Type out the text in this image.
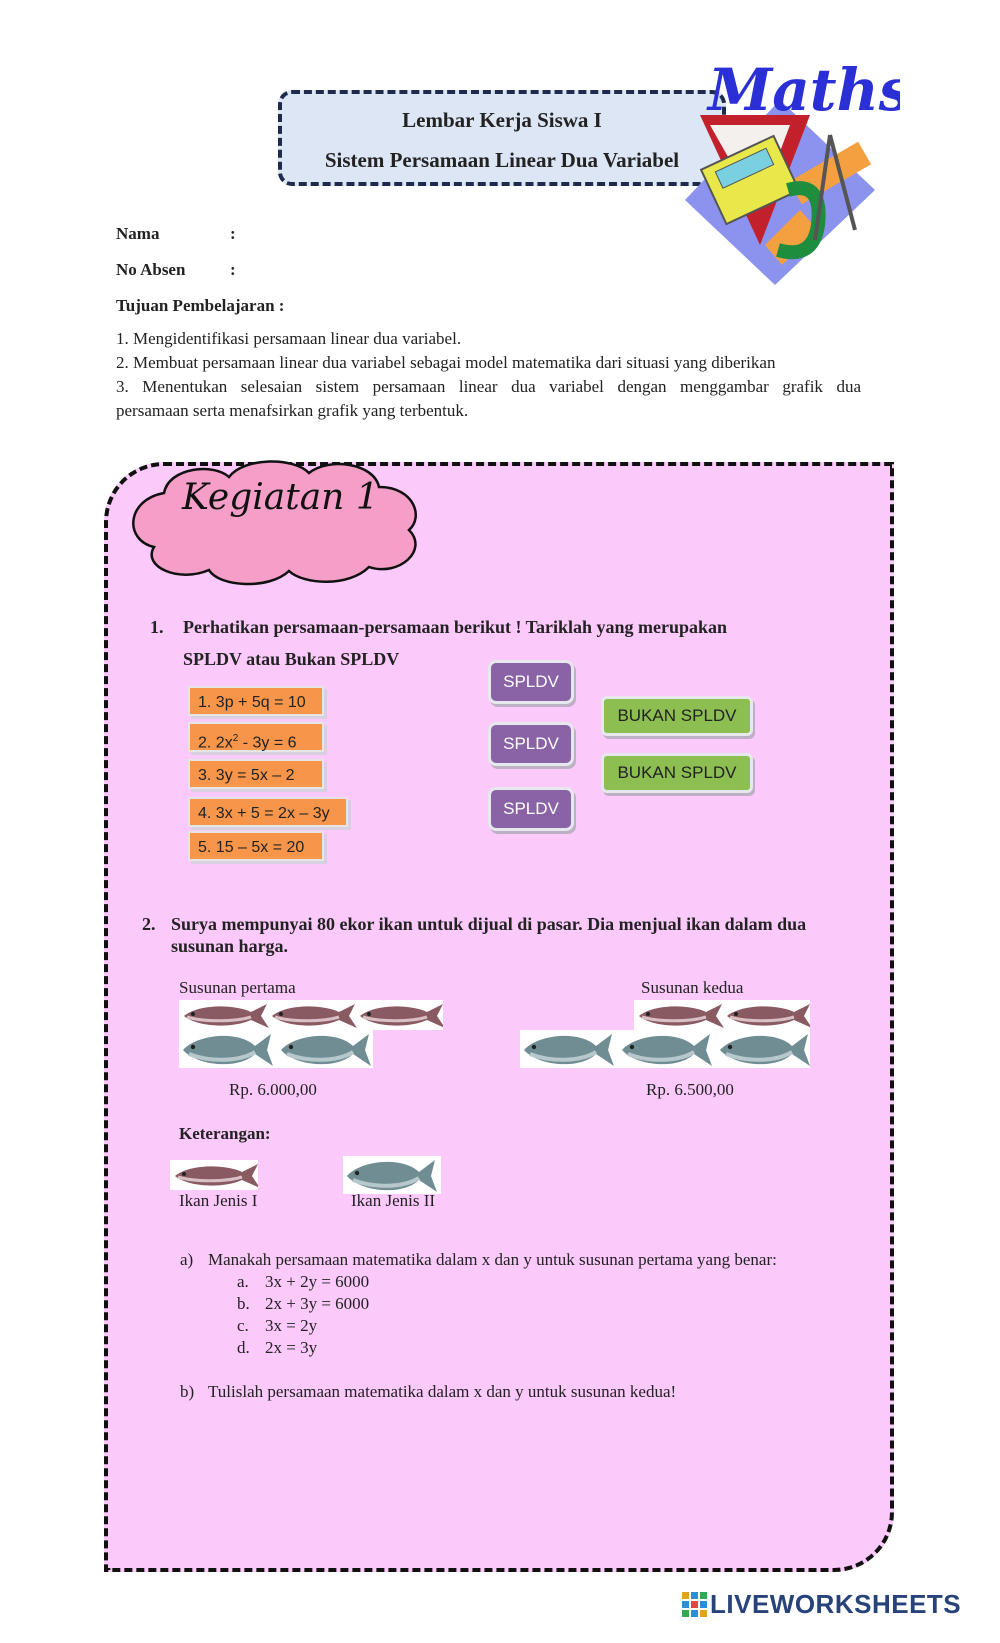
Lembar Kerja Siswa I
Sistem Persamaan Linear Dua Variabel
Maths
Nama	:
No Absen	:
Tujuan Pembelajaran :
1. Mengidentifikasi persamaan linear dua variabel.
2. Membuat persamaan linear dua variabel sebagai model matematika dari situasi yang diberikan
3. Menentukan selesaian sistem persamaan linear dua variabel dengan menggambar grafik dua
persamaan serta menafsirkan grafik yang terbentuk.
Kegiatan 1
1. Perhatikan persamaan-persamaan berikut ! Tariklah yang merupakan
SPLDV atau Bukan SPLDV
1. 3p + 5q = 10
2. $2x^2 - 3y = 6$
3. 3y = 5x – 2
4. 3x + 5 = 2x – 3y
5. 15 – 5x = 20
SPLDV
SPLDV
SPLDV
BUKAN SPLDV
BUKAN SPLDV
2. Surya mempunyai 80 ekor ikan untuk dijual di pasar. Dia menjual ikan dalam dua
susunan harga.
Susunan pertama	Susunan kedua
Rp. 6.000,00	Rp. 6.500,00
Keterangan:
Ikan Jenis I	Ikan Jenis II
a) Manakah persamaan matematika dalam x dan y untuk susunan pertama yang benar:
a. 3x + 2y = 6000
b. 2x + 3y = 6000
c. 3x = 2y
d. 2x = 3y
b) Tulislah persamaan matematika dalam x dan y untuk susunan kedua!
LIVEWORKSHEETS
